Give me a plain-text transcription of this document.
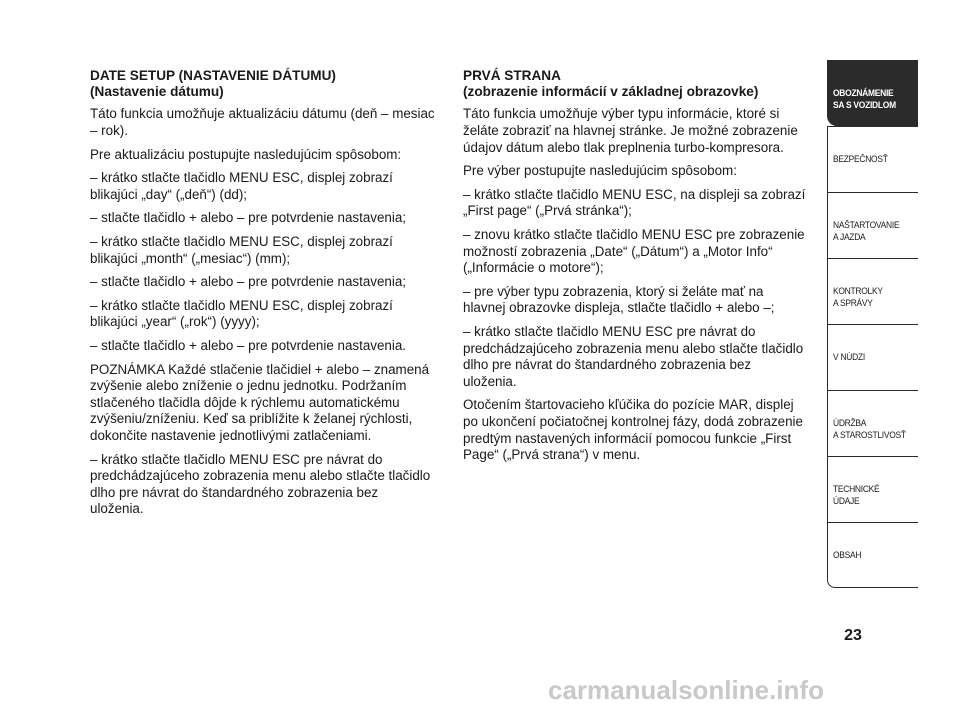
DATE SETUP (NASTAVENIE DÁTUMU)
(Nastavenie dátumu)

Táto funkcia umožňuje aktualizáciu dátumu (deň – mesiac – rok).

Pre aktualizáciu postupujte nasledujúcim spôsobom:

– krátko stlačte tlačidlo MENU ESC, displej zobrazí blikajúci „day“ („deň“) (dd);

– stlačte tlačidlo + alebo – pre potvrdenie nastavenia;

– krátko stlačte tlačidlo MENU ESC, displej zobrazí blikajúci „month“ („mesiac“) (mm);

– stlačte tlačidlo + alebo – pre potvrdenie nastavenia;

– krátko stlačte tlačidlo MENU ESC, displej zobrazí blikajúci „year“ („rok“) (yyyy);

– stlačte tlačidlo + alebo – pre potvrdenie nastavenia.

POZNÁMKA Každé stlačenie tlačidiel + alebo – znamená zvýšenie alebo zníženie o jednu jednotku. Podržaním stlačeného tlačidla dôjde k rýchlemu automatickému zvýšeniu/zníženiu. Keď sa priblížite k želanej rýchlosti, dokončite nastavenie jednotlivými zatlačeniami.

– krátko stlačte tlačidlo MENU ESC pre návrat do predchádzajúceho zobrazenia menu alebo stlačte tlačidlo dlho pre návrat do štandardného zobrazenia bez uloženia.

PRVÁ STRANA
(zobrazenie informácií v základnej obrazovke)

Táto funkcia umožňuje výber typu informácie, ktoré si želáte zobraziť na hlavnej stránke. Je možné zobrazenie údajov dátum alebo tlak preplnenia turbo-kompresora.

Pre výber postupujte nasledujúcim spôsobom:

– krátko stlačte tlačidlo MENU ESC, na displeji sa zobrazí „First page“ („Prvá stránka“);

– znovu krátko stlačte tlačidlo MENU ESC pre zobrazenie možností zobrazenia „Date“ („Dátum“) a „Motor Info“ („Informácie o motore“);

– pre výber typu zobrazenia, ktorý si želáte mať na hlavnej obrazovke displeja, stlačte tlačidlo + alebo –;

– krátko stlačte tlačidlo MENU ESC pre návrat do predchádzajúceho zobrazenia menu alebo stlačte tlačidlo dlho pre návrat do štandardného zobrazenia bez uloženia.

Otočením štartovacieho kľúčika do pozície MAR, displej po ukončení počiatočnej kontrolnej fázy, dodá zobrazenie predtým nastavených informácií pomocou funkcie „First Page“ („Prvá strana“) v menu.

OBOZNÁMENIE
SA S VOZIDLOM
BEZPEČNOSŤ
NAŠTARTOVANIE
A JAZDA
KONTROLKY
A SPRÁVY
V NÚDZI
ÚDRŽBA
A STAROSTLIVOSŤ
TECHNICKÉ
ÚDAJE
OBSAH
23
carmanualsonline.info
